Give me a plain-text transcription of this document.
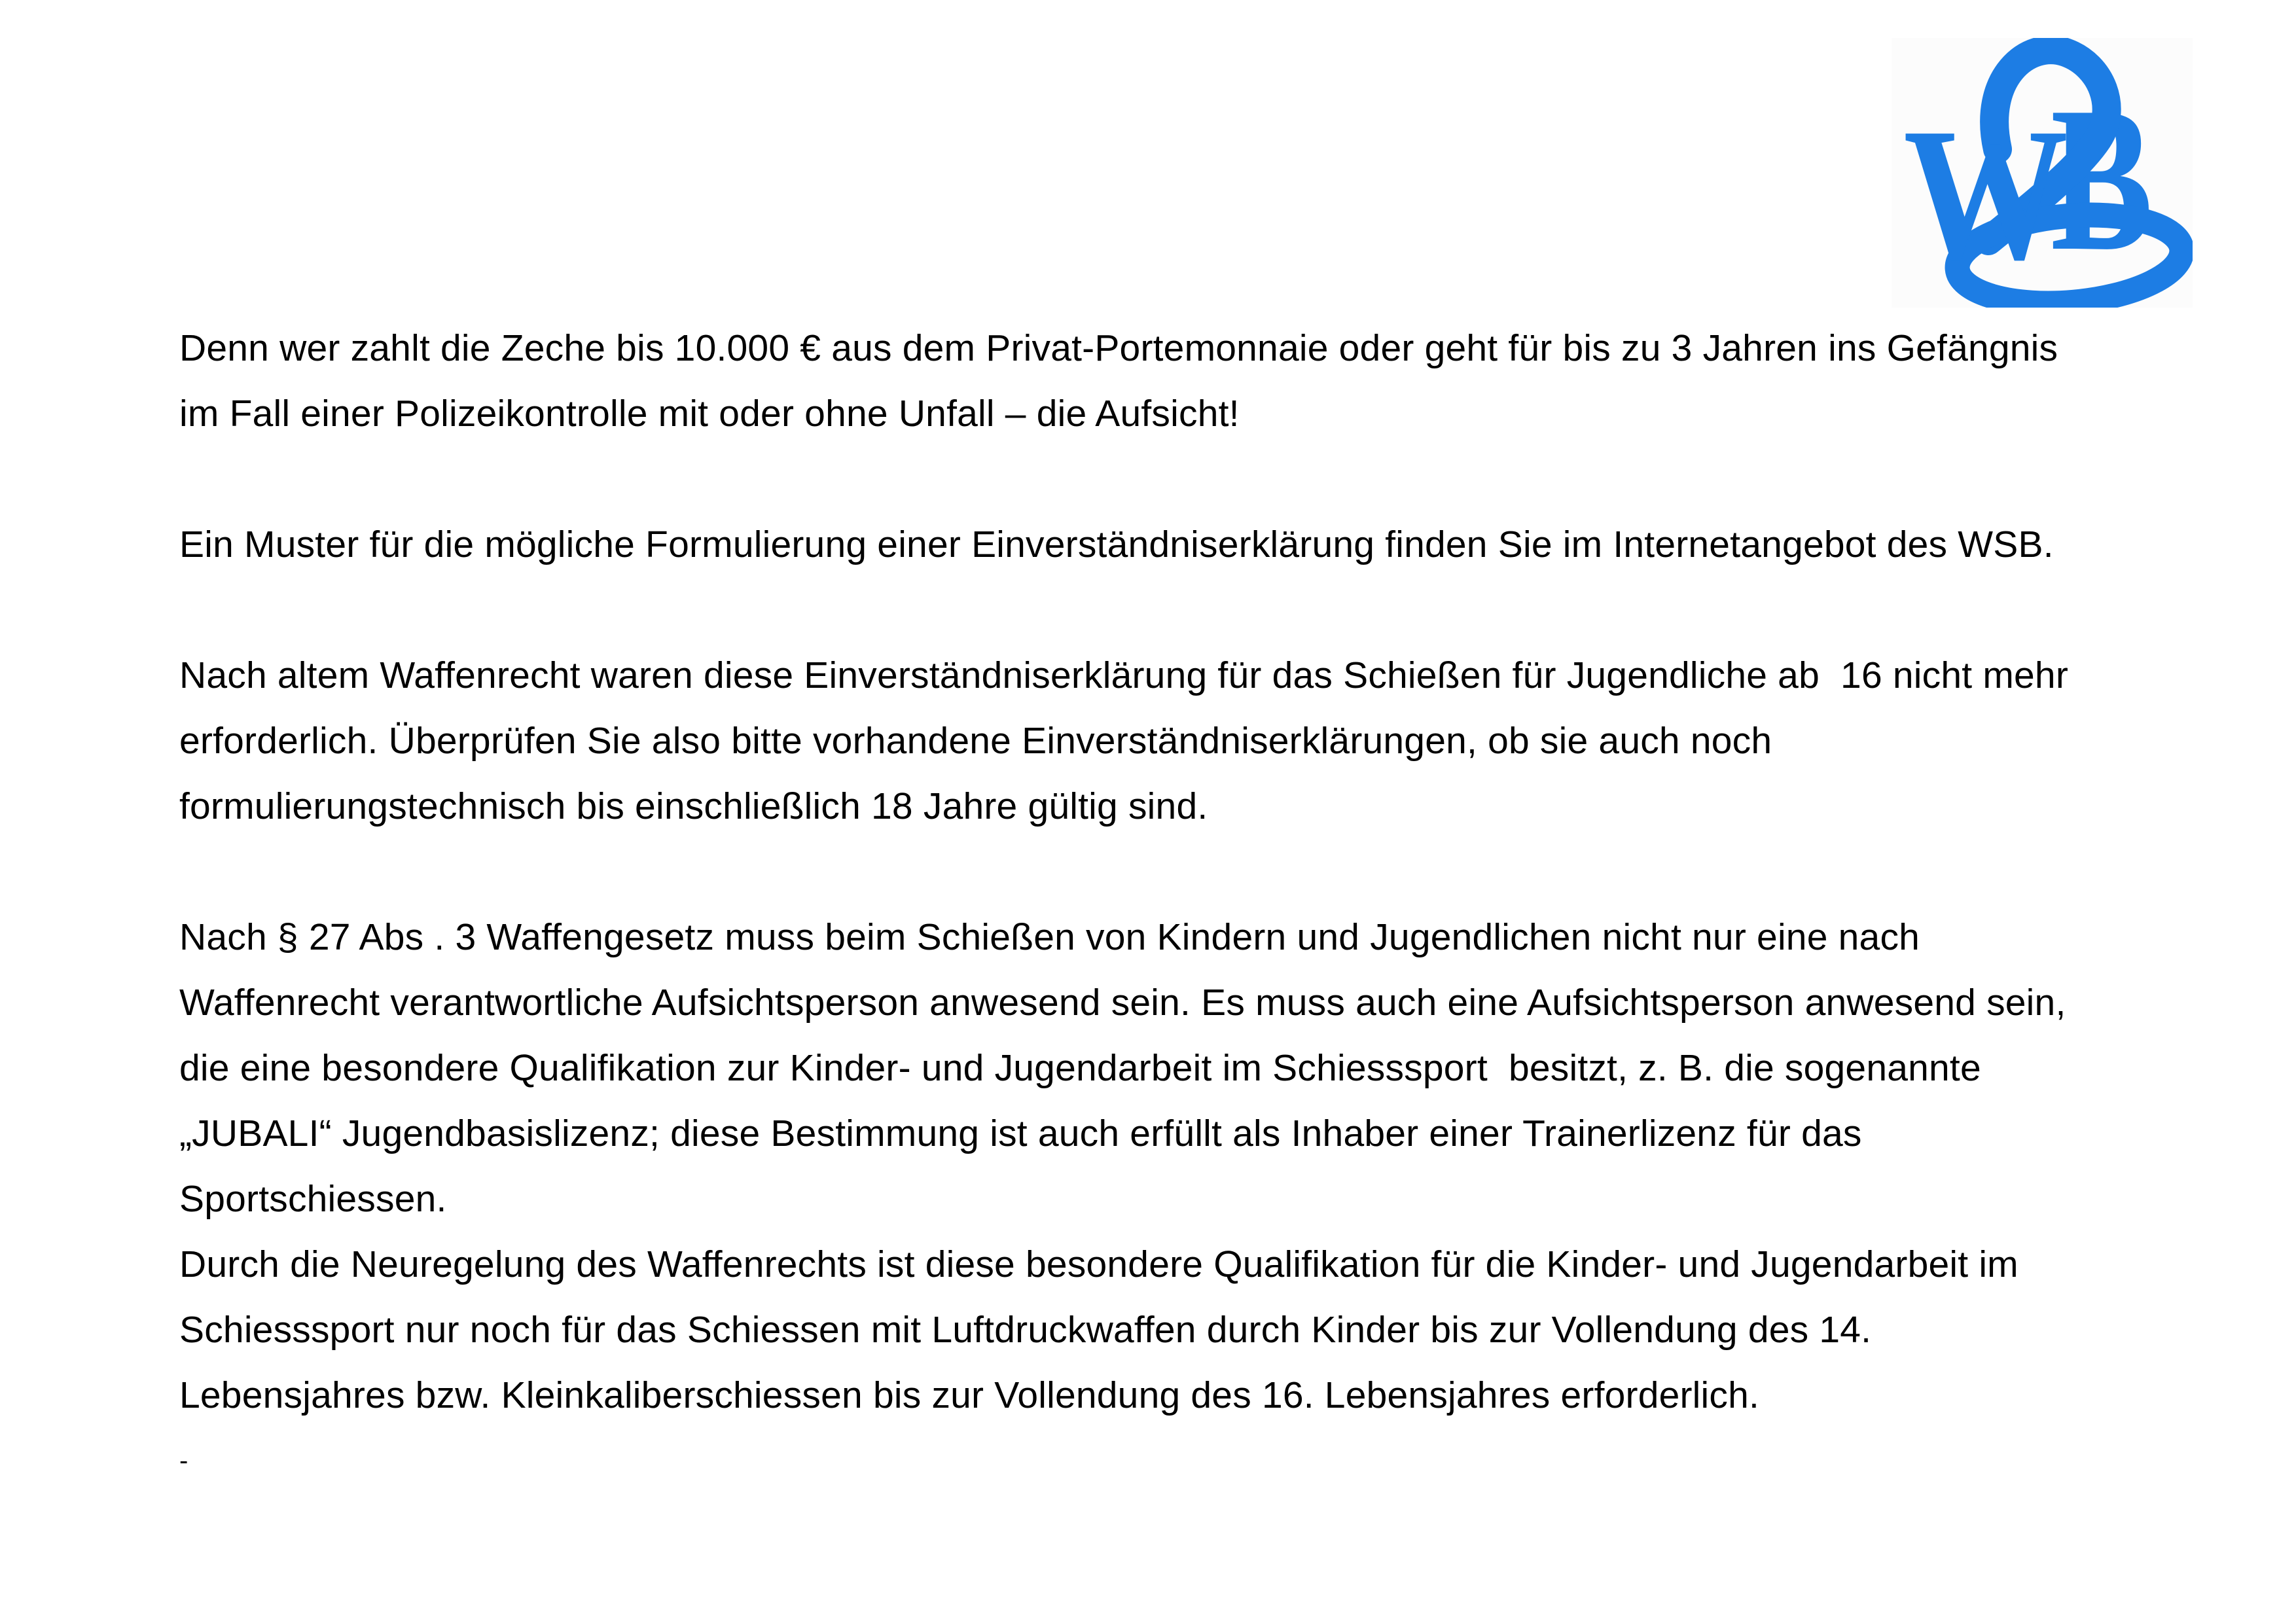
B
W
Denn wer zahlt die Zeche bis 10.000 € aus dem Privat-Portemonnaie oder geht für bis zu 3 Jahren ins Gefängnis
im Fall einer Polizeikontrolle mit oder ohne Unfall – die Aufsicht!
Ein Muster für die mögliche Formulierung einer Einverständniserklärung finden Sie im Internetangebot des WSB.
Nach altem Waffenrecht waren diese Einverständniserklärung für das Schießen für Jugendliche ab  16 nicht mehr
erforderlich. Überprüfen Sie also bitte vorhandene Einverständniserklärungen, ob sie auch noch
formulierungstechnisch bis einschließlich 18 Jahre gültig sind.
Nach § 27 Abs . 3 Waffengesetz muss beim Schießen von Kindern und Jugendlichen nicht nur eine nach
Waffenrecht verantwortliche Aufsichtsperson anwesend sein. Es muss auch eine Aufsichtsperson anwesend sein,
die eine besondere Qualifikation zur Kinder- und Jugendarbeit im Schiesssport  besitzt, z. B. die sogenannte
„JUBALI“ Jugendbasislizenz; diese Bestimmung ist auch erfüllt als Inhaber einer Trainerlizenz für das
Sportschiessen.
Durch die Neuregelung des Waffenrechts ist diese besondere Qualifikation für die Kinder- und Jugendarbeit im
Schiesssport nur noch für das Schiessen mit Luftdruckwaffen durch Kinder bis zur Vollendung des 14.
Lebensjahres bzw. Kleinkaliberschiessen bis zur Vollendung des 16. Lebensjahres erforderlich.
-
